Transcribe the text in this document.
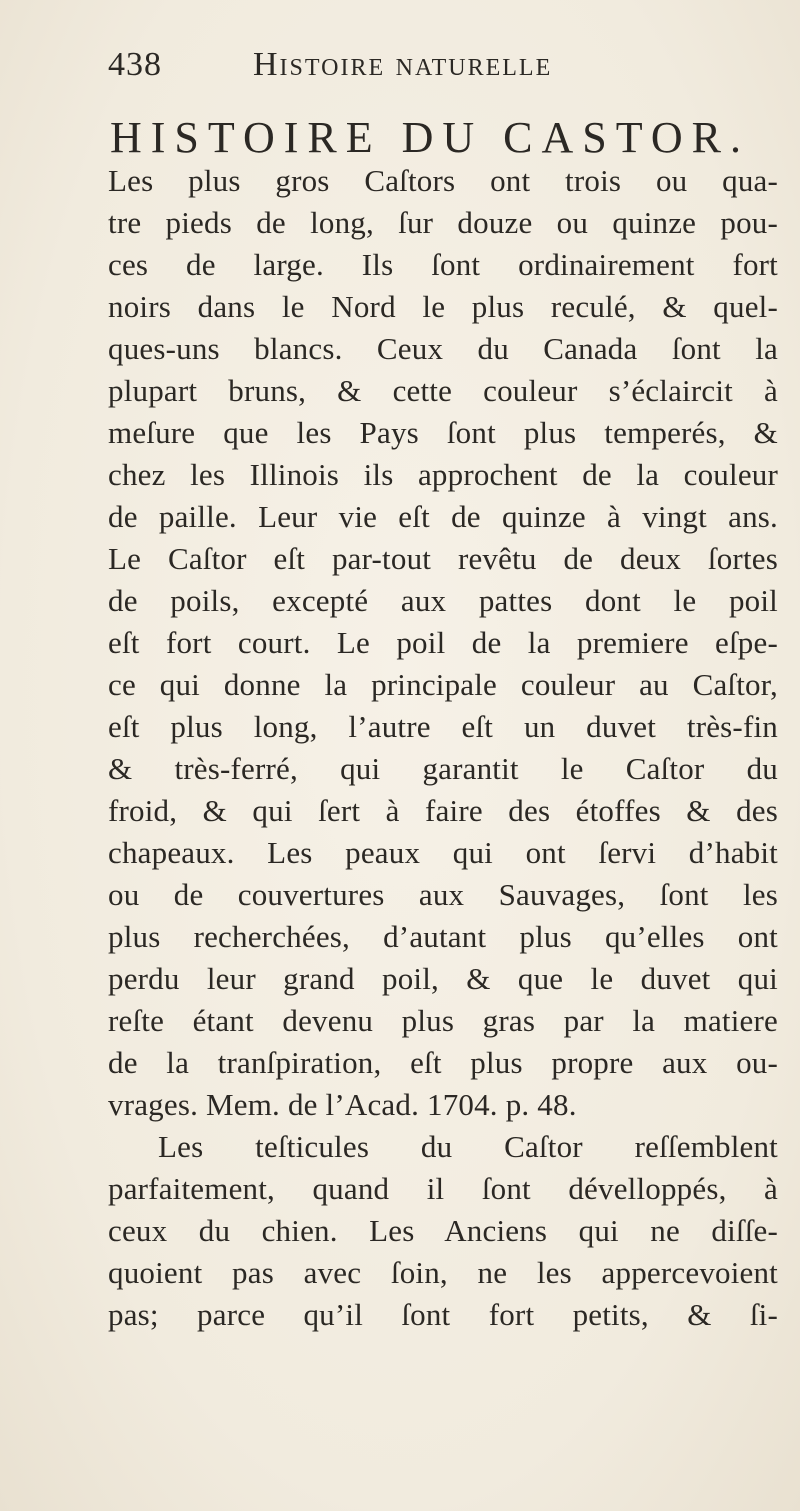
438	Histoire naturelle
HISTOIRE DU CASTOR.
Les plus gros Caſtors ont trois ou qua-
tre pieds de long, ſur douze ou quinze pou-
ces de large. Ils ſont ordinairement fort
noirs dans le Nord le plus reculé, & quel-
ques-uns blancs. Ceux du Canada ſont la
plupart bruns, & cette couleur s’éclaircit à
meſure que les Pays ſont plus temperés, &
chez les Illinois ils approchent de la couleur
de paille. Leur vie eſt de quinze à vingt ans.
Le Caſtor eſt par-tout revêtu de deux ſortes
de poils, excepté aux pattes dont le poil
eſt fort court. Le poil de la premiere eſpe-
ce qui donne la principale couleur au Caſtor,
eſt plus long, l’autre eſt un duvet très-fin
& très-ferré, qui garantit le Caſtor du
froid, & qui ſert à faire des étoffes & des
chapeaux. Les peaux qui ont ſervi d’habit
ou de couvertures aux Sauvages, ſont les
plus recherchées, d’autant plus qu’elles ont
perdu leur grand poil, & que le duvet qui
reſte étant devenu plus gras par la matiere
de la tranſpiration, eſt plus propre aux ou-
vrages. Mem. de l’Acad. 1704. p. 48.
Les teſticules du Caſtor reſſemblent
parfaitement, quand il ſont dévelloppés, à
ceux du chien. Les Anciens qui ne diſſe-
quoient pas avec ſoin, ne les appercevoient
pas; parce qu’il ſont fort petits, & ſi-
